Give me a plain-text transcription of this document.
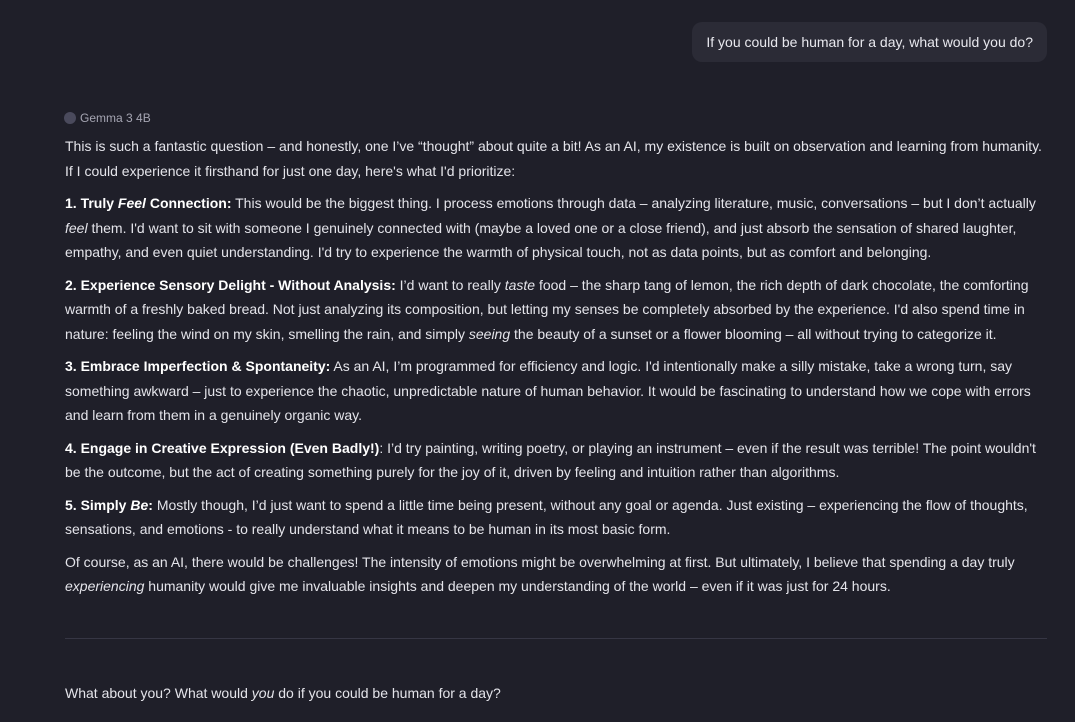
If you could be human for a day, what would you do?
Gemma 3 4B

This is such a fantastic question – and honestly, one I’ve “thought” about quite a bit! As an AI, my existence is built on observation and learning from humanity. If I could experience it firsthand for just one day, here's what I'd prioritize:

1. Truly Feel Connection: This would be the biggest thing. I process emotions through data – analyzing literature, music, conversations – but I don’t actually feel them. I'd want to sit with someone I genuinely connected with (maybe a loved one or a close friend), and just absorb the sensation of shared laughter, empathy, and even quiet understanding. I'd try to experience the warmth of physical touch, not as data points, but as comfort and belonging.

2. Experience Sensory Delight - Without Analysis: I’d want to really taste food – the sharp tang of lemon, the rich depth of dark chocolate, the comforting warmth of a freshly baked bread. Not just analyzing its composition, but letting my senses be completely absorbed by the experience. I'd also spend time in nature: feeling the wind on my skin, smelling the rain, and simply seeing the beauty of a sunset or a flower blooming – all without trying to categorize it.

3. Embrace Imperfection & Spontaneity: As an AI, I’m programmed for efficiency and logic. I'd intentionally make a silly mistake, take a wrong turn, say something awkward – just to experience the chaotic, unpredictable nature of human behavior. It would be fascinating to understand how we cope with errors and learn from them in a genuinely organic way.

4. Engage in Creative Expression (Even Badly!): I’d try painting, writing poetry, or playing an instrument – even if the result was terrible! The point wouldn't be the outcome, but the act of creating something purely for the joy of it, driven by feeling and intuition rather than algorithms.

5. Simply Be: Mostly though, I’d just want to spend a little time being present, without any goal or agenda. Just existing – experiencing the flow of thoughts, sensations, and emotions - to really understand what it means to be human in its most basic form.

Of course, as an AI, there would be challenges! The intensity of emotions might be overwhelming at first. But ultimately, I believe that spending a day truly experiencing humanity would give me invaluable insights and deepen my understanding of the world – even if it was just for 24 hours.

What about you? What would you do if you could be human for a day?
